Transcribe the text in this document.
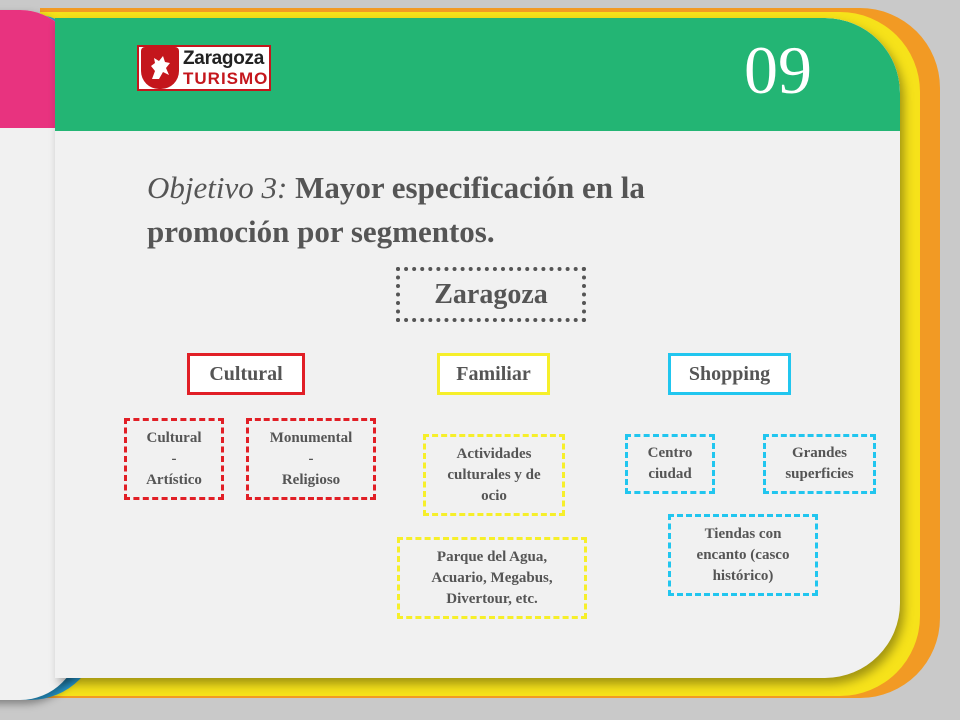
Zaragoza
TURISMO	09
Objetivo 3: Mayor especificación en la promoción por segmentos.
Zaragoza
Cultural	Familiar	Shopping
Cultural
-
Artístico
Monumental
-
Religioso
Actividades
culturales y de
ocio
Parque del Agua,
Acuario, Megabus,
Divertour, etc.
Centro
ciudad
Grandes
superficies
Tiendas con
encanto (casco
histórico)
